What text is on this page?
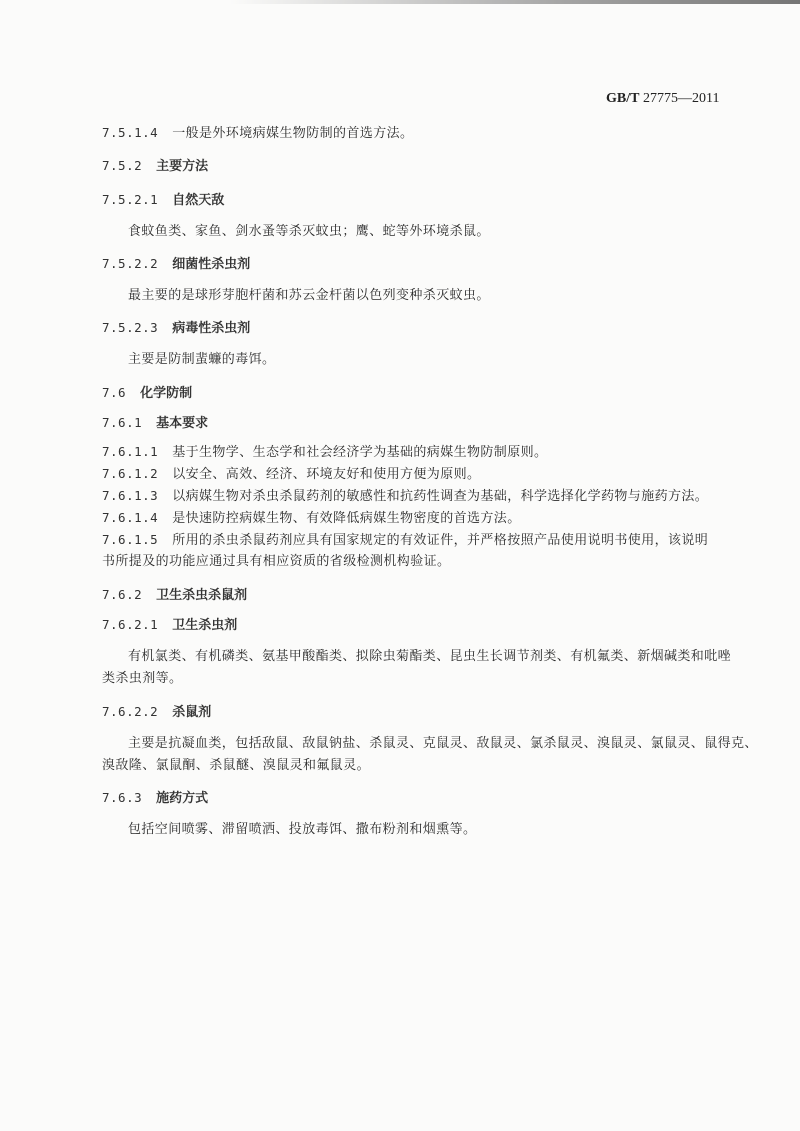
GB/T 27775—2011
7.5.1.4 一般是外环境病媒生物防制的首选方法。
7.5.2 主要方法
7.5.2.1 自然天敌
食蚊鱼类、家鱼、剑水蚤等杀灭蚊虫；鹰、蛇等外环境杀鼠。
7.5.2.2 细菌性杀虫剂
最主要的是球形芽胞杆菌和苏云金杆菌以色列变种杀灭蚊虫。
7.5.2.3 病毒性杀虫剂
主要是防制蜚蠊的毒饵。
7.6 化学防制
7.6.1 基本要求
7.6.1.1 基于生物学、生态学和社会经济学为基础的病媒生物防制原则。
7.6.1.2 以安全、高效、经济、环境友好和使用方便为原则。
7.6.1.3 以病媒生物对杀虫杀鼠药剂的敏感性和抗药性调查为基础，科学选择化学药物与施药方法。
7.6.1.4 是快速防控病媒生物、有效降低病媒生物密度的首选方法。
7.6.1.5 所用的杀虫杀鼠药剂应具有国家规定的有效证件，并严格按照产品使用说明书使用，该说明
书所提及的功能应通过具有相应资质的省级检测机构验证。
7.6.2 卫生杀虫杀鼠剂
7.6.2.1 卫生杀虫剂
有机氯类、有机磷类、氨基甲酸酯类、拟除虫菊酯类、昆虫生长调节剂类、有机氟类、新烟碱类和吡唑
类杀虫剂等。
7.6.2.2 杀鼠剂
主要是抗凝血类，包括敌鼠、敌鼠钠盐、杀鼠灵、克鼠灵、敌鼠灵、氯杀鼠灵、溴鼠灵、氯鼠灵、鼠得克、
溴敌隆、氯鼠酮、杀鼠醚、溴鼠灵和氟鼠灵。
7.6.3 施药方式
包括空间喷雾、滞留喷洒、投放毒饵、撒布粉剂和烟熏等。
